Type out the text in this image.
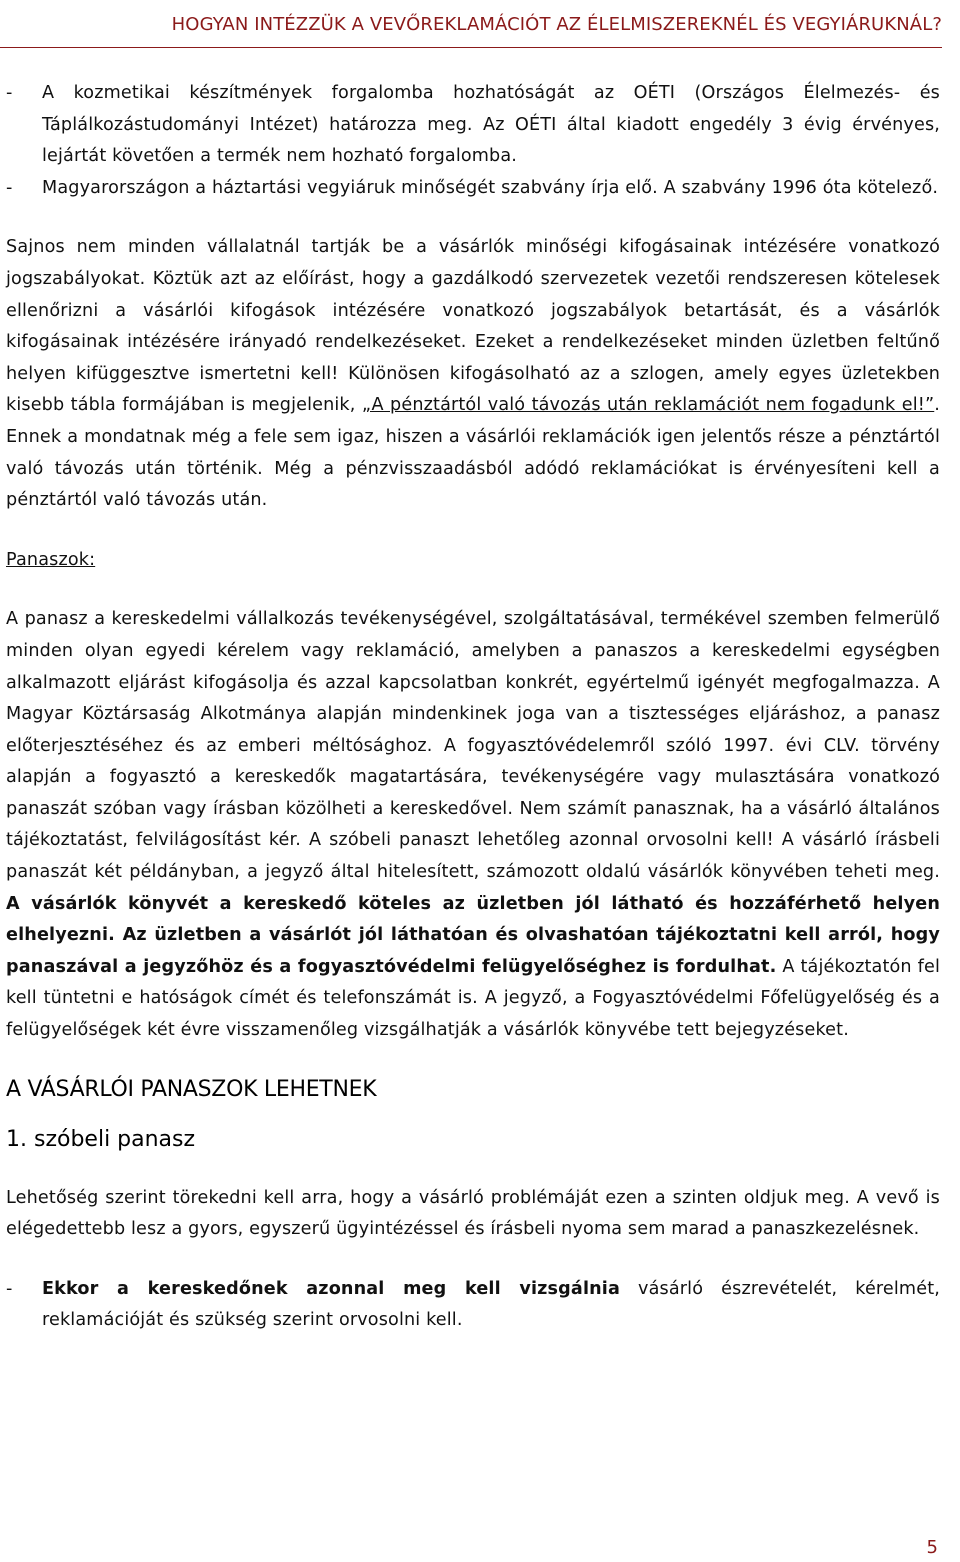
HOGYAN INTÉZZÜK A VEVŐREKLAMÁCIÓT AZ ÉLELMISZEREKNÉL ÉS VEGYIÁRUKNÁL?

- A kozmetikai készítmények forgalomba hozhatóságát az OÉTI (Országos Élelmezés- és Táplálkozástudományi Intézet) határozza meg. Az OÉTI által kiadott engedély 3 évig érvényes, lejártát követően a termék nem hozható forgalomba.

- Magyarországon a háztartási vegyiáruk minőségét szabvány írja elő. A szabvány 1996 óta kötelező.

Sajnos nem minden vállalatnál tartják be a vásárlók minőségi kifogásainak intézésére vonatkozó jogszabályokat. Köztük azt az előírást, hogy a gazdálkodó szervezetek vezetői rendszeresen kötelesek ellenőrizni a vásárlói kifogások intézésére vonatkozó jogszabályok betartását, és a vásárlók kifogásainak intézésére irányadó rendelkezéseket. Ezeket a rendelkezéseket minden üzletben feltűnő helyen kifüggesztve ismertetni kell! Különösen kifogásolható az a szlogen, amely egyes üzletekben kisebb tábla formájában is megjelenik, „A pénztártól való távozás után reklamációt nem fogadunk el!”. Ennek a mondatnak még a fele sem igaz, hiszen a vásárlói reklamációk igen jelentős része a pénztártól való távozás után történik. Még a pénzvisszaadásból adódó reklamációkat is érvényesíteni kell a pénztártól való távozás után.

Panaszok:

A panasz a kereskedelmi vállalkozás tevékenységével, szolgáltatásával, termékével szemben felmerülő minden olyan egyedi kérelem vagy reklamáció, amelyben a panaszos a kereskedelmi egységben alkalmazott eljárást kifogásolja és azzal kapcsolatban konkrét, egyértelmű igényét megfogalmazza. A Magyar Köztársaság Alkotmánya alapján mindenkinek joga van a tisztességes eljáráshoz, a panasz előterjesztéséhez és az emberi méltósághoz. A fogyasztóvédelemről szóló 1997. évi CLV. törvény alapján a fogyasztó a kereskedők magatartására, tevékenységére vagy mulasztására vonatkozó panaszát szóban vagy írásban közölheti a kereskedővel. Nem számít panasznak, ha a vásárló általános tájékoztatást, felvilágosítást kér. A szóbeli panaszt lehetőleg azonnal orvosolni kell! A vásárló írásbeli panaszát két példányban, a jegyző által hitelesített, számozott oldalú vásárlók könyvében teheti meg. A vásárlók könyvét a kereskedő köteles az üzletben jól látható és hozzáférhető helyen elhelyezni. Az üzletben a vásárlót jól láthatóan és olvashatóan tájékoztatni kell arról, hogy panaszával a jegyzőhöz és a fogyasztóvédelmi felügyelőséghez is fordulhat. A tájékoztatón fel kell tüntetni e hatóságok címét és telefonszámát is. A jegyző, a Fogyasztóvédelmi Főfelügyelőség és a felügyelőségek két évre visszamenőleg vizsgálhatják a vásárlók könyvébe tett bejegyzéseket.

A VÁSÁRLÓI PANASZOK LEHETNEK
1. szóbeli panasz

Lehetőség szerint törekedni kell arra, hogy a vásárló problémáját ezen a szinten oldjuk meg. A vevő is elégedettebb lesz a gyors, egyszerű ügyintézéssel és írásbeli nyoma sem marad a panaszkezelésnek.

- Ekkor a kereskedőnek azonnal meg kell vizsgálnia vásárló észrevételét, kérelmét, reklamációját és szükség szerint orvosolni kell.

5
